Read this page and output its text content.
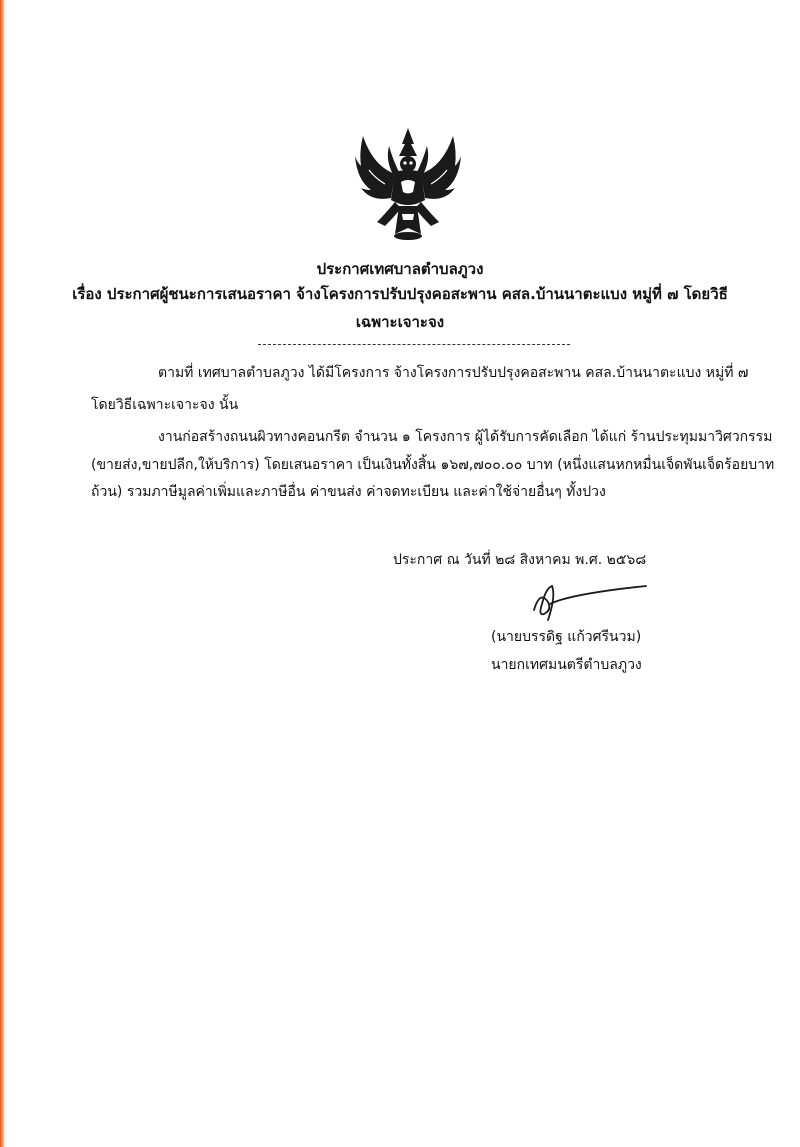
ประกาศเทศบาลตำบลภูวง
เรื่อง ประกาศผู้ชนะการเสนอราคา จ้างโครงการปรับปรุงคอสะพาน คสล.บ้านนาตะแบง หมู่ที่ ๗ โดยวิธี
เฉพาะเจาะจง
ตามที่ เทศบาลตำบลภูวง ได้มีโครงการ จ้างโครงการปรับปรุงคอสะพาน คสล.บ้านนาตะแบง หมู่ที่ ๗
โดยวิธีเฉพาะเจาะจง นั้น
งานก่อสร้างถนนผิวทางคอนกรีต จำนวน ๑ โครงการ ผู้ได้รับการคัดเลือก ได้แก่ ร้านประทุมมาวิศวกรรม
(ขายส่ง,ขายปลีก,ให้บริการ) โดยเสนอราคา เป็นเงินทั้งสิ้น ๑๖๗,๗๐๐.๐๐ บาท (หนึ่งแสนหกหมื่นเจ็ดพันเจ็ดร้อยบาท
ถ้วน) รวมภาษีมูลค่าเพิ่มและภาษีอื่น ค่าขนส่ง ค่าจดทะเบียน และค่าใช้จ่ายอื่นๆ ทั้งปวง
ประกาศ ณ วันที่ ๒๘ สิงหาคม พ.ศ. ๒๕๖๘
(นายบรรดิฐ แก้วศรีนวม)
นายกเทศมนตรีตำบลภูวง
